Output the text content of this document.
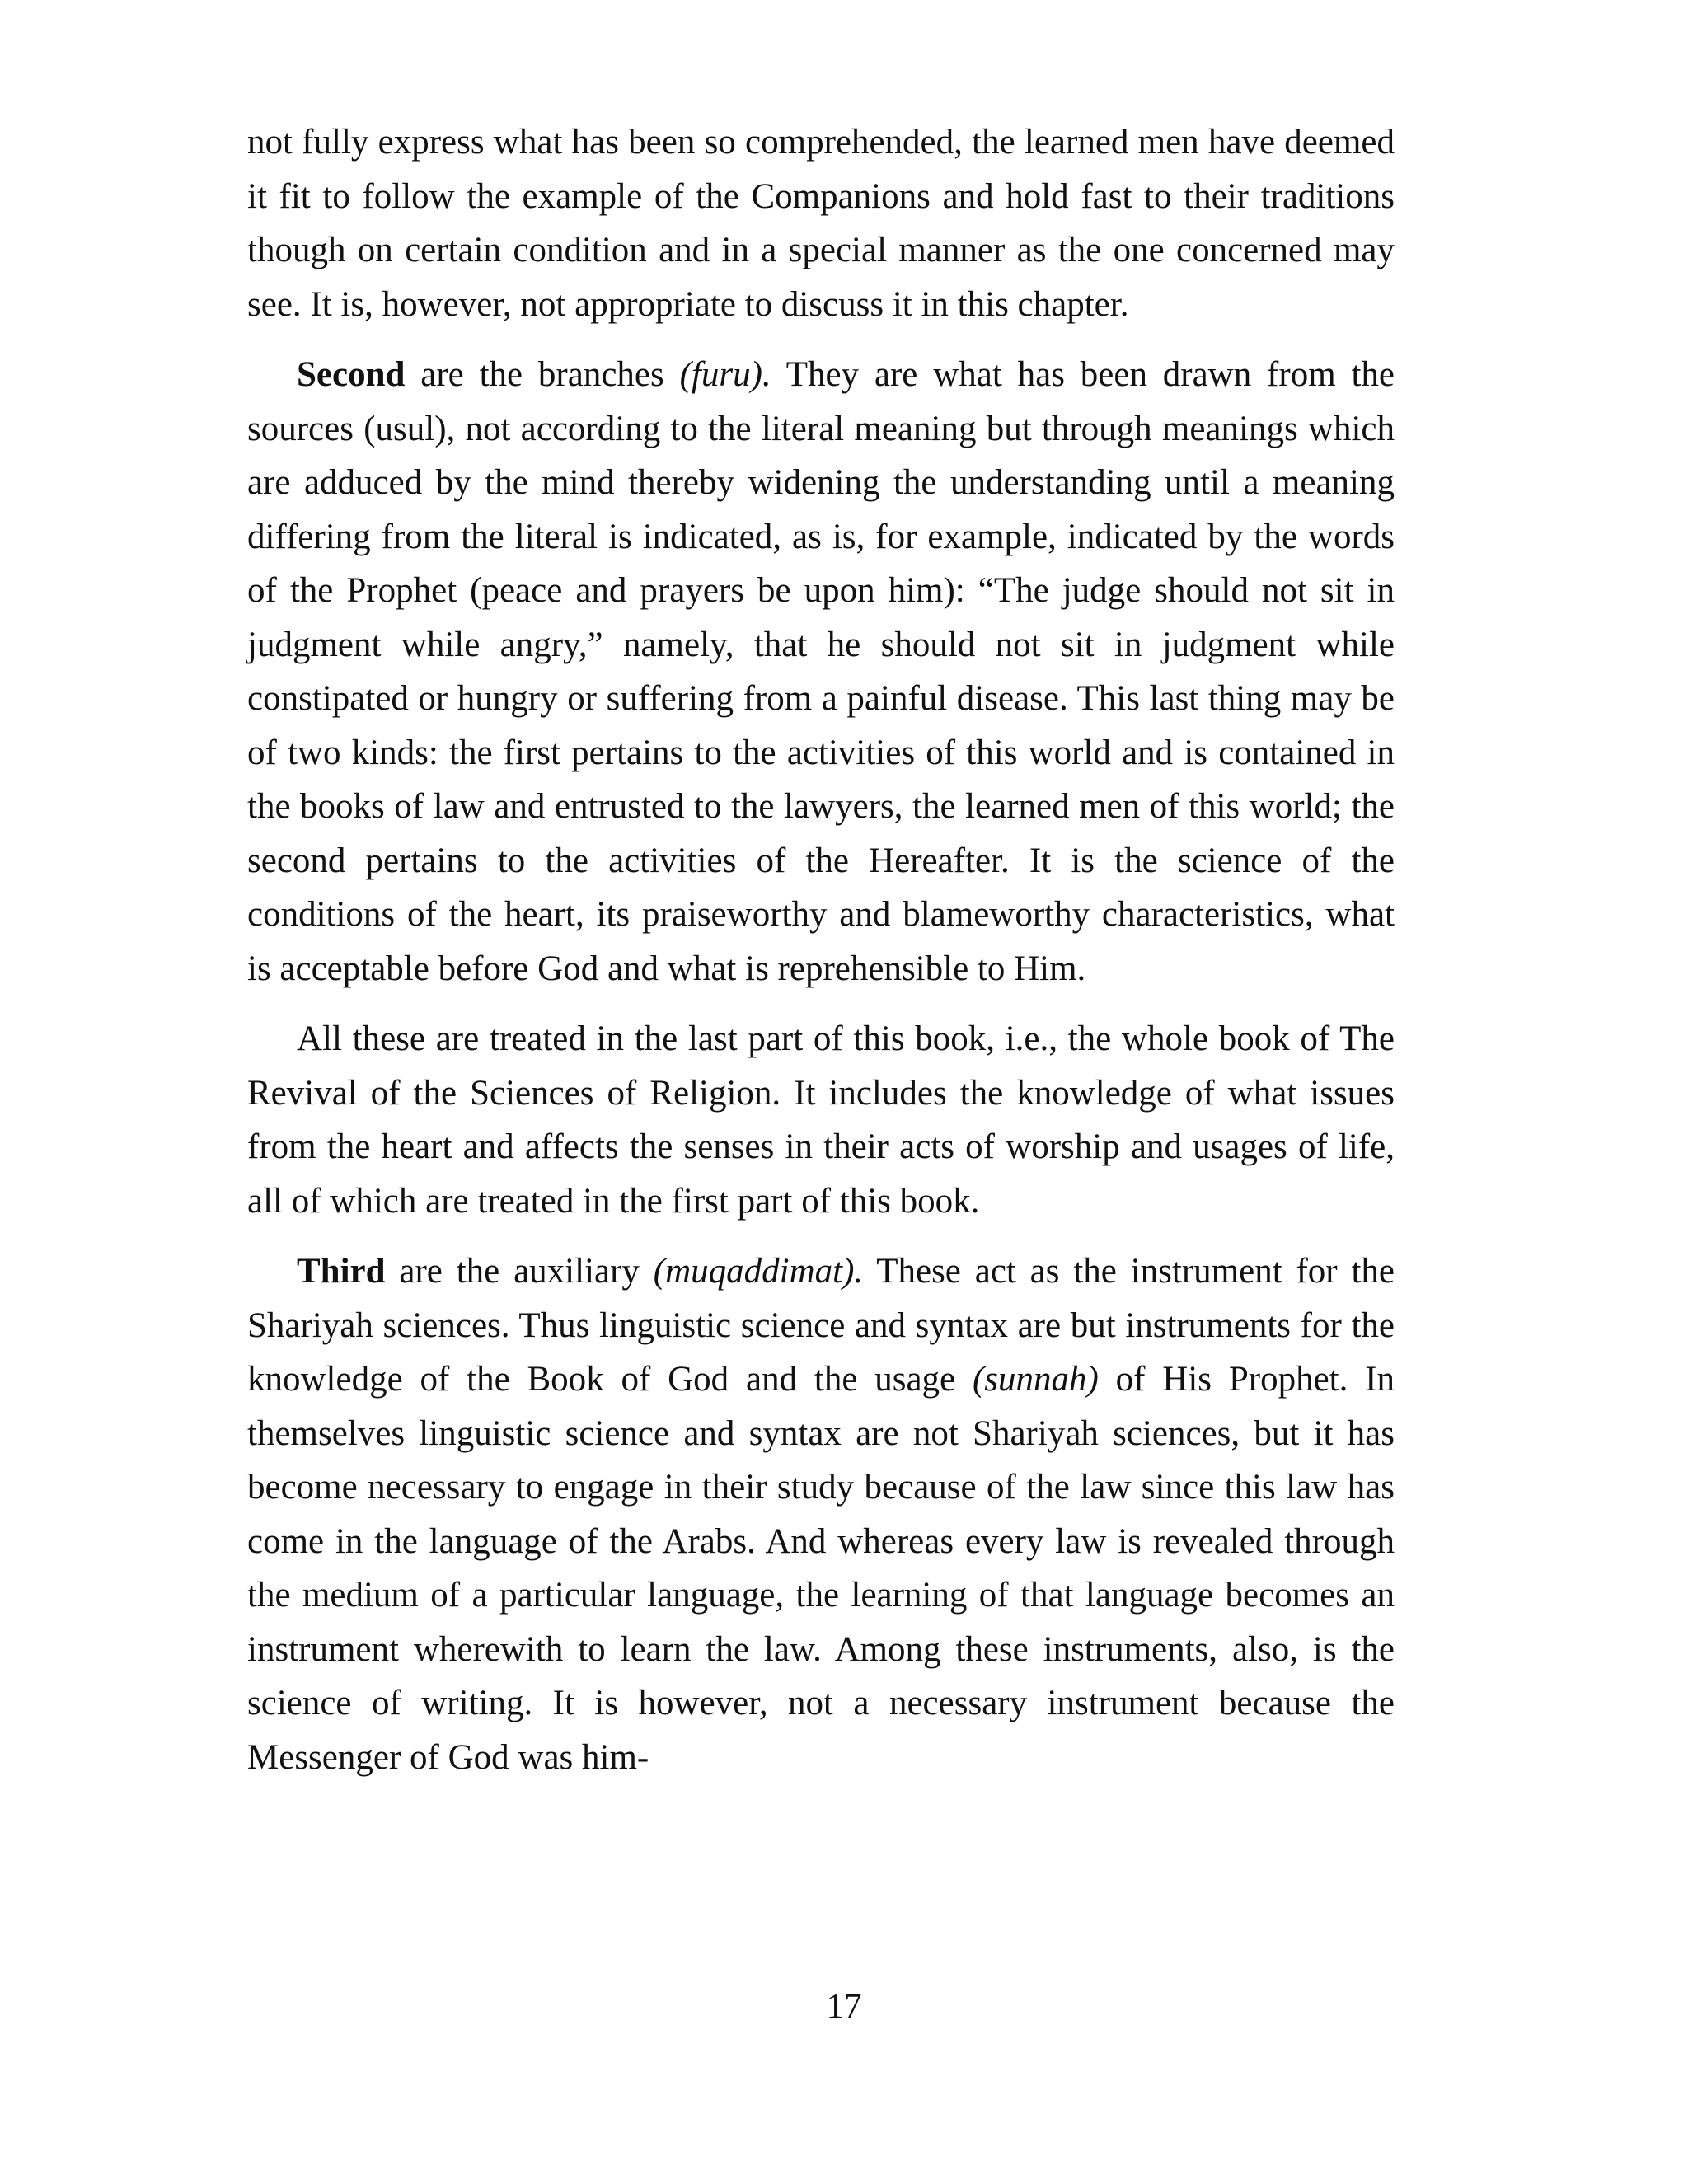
not fully express what has been so comprehended, the learned men have deemed it fit to follow the example of the Companions and hold fast to their traditions though on certain condition and in a special manner as the one concerned may see. It is, however, not appropriate to discuss it in this chapter.

Second are the branches (furu). They are what has been drawn from the sources (usul), not according to the literal meaning but through meanings which are adduced by the mind thereby widening the understanding until a meaning differing from the literal is indicated, as is, for example, indicated by the words of the Prophet (peace and prayers be upon him): “The judge should not sit in judgment while angry,” namely, that he should not sit in judgment while constipated or hungry or suffering from a painful disease. This last thing may be of two kinds: the first pertains to the activities of this world and is contained in the books of law and entrusted to the lawyers, the learned men of this world; the second pertains to the activities of the Hereafter. It is the science of the conditions of the heart, its praiseworthy and blameworthy characteristics, what is acceptable before God and what is reprehensible to Him.

All these are treated in the last part of this book, i.e., the whole book of The Revival of the Sciences of Religion. It includes the knowledge of what issues from the heart and affects the senses in their acts of worship and usages of life, all of which are treated in the first part of this book.

Third are the auxiliary (muqaddimat). These act as the instrument for the Shariyah sciences. Thus linguistic science and syntax are but instruments for the knowledge of the Book of God and the usage (sunnah) of His Prophet. In themselves linguistic science and syntax are not Shariyah sciences, but it has become necessary to engage in their study because of the law since this law has come in the language of the Arabs. And whereas every law is revealed through the medium of a particular language, the learning of that language becomes an instrument wherewith to learn the law. Among these instruments, also, is the science of writing. It is however, not a necessary instrument because the Messenger of God was him-

17
